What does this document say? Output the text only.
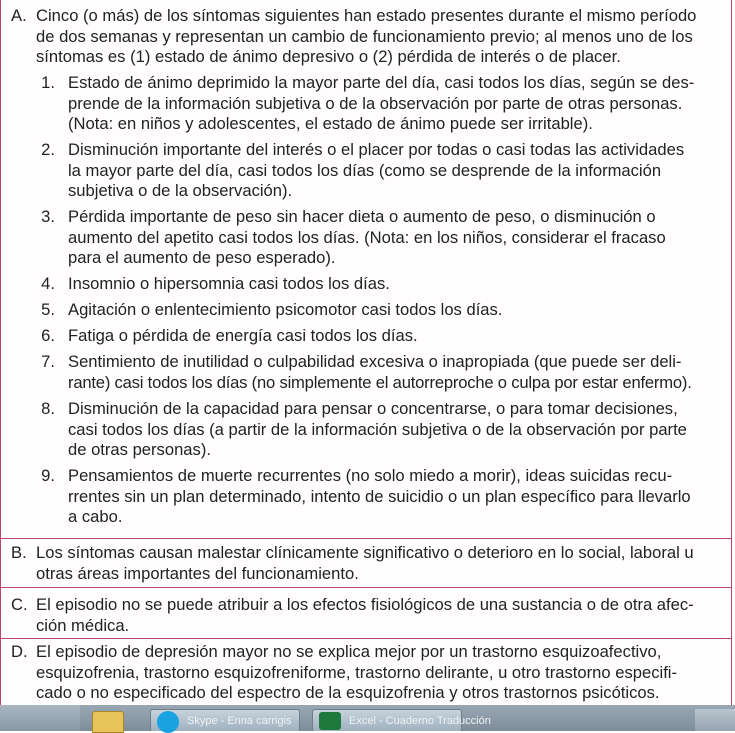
A. Cinco (o más) de los síntomas siguientes han estado presentes durante el mismo período
de dos semanas y representan un cambio de funcionamiento previo; al menos uno de los
síntomas es (1) estado de ánimo depresivo o (2) pérdida de interés o de placer.
1. Estado de ánimo deprimido la mayor parte del día, casi todos los días, según se des-
prende de la información subjetiva o de la observación por parte de otras personas.
(Nota: en niños y adolescentes, el estado de ánimo puede ser irritable).
2. Disminución importante del interés o el placer por todas o casi todas las actividades
la mayor parte del día, casi todos los días (como se desprende de la información
subjetiva o de la observación).
3. Pérdida importante de peso sin hacer dieta o aumento de peso, o disminución o
aumento del apetito casi todos los días. (Nota: en los niños, considerar el fracaso
para el aumento de peso esperado).
4. Insomnio o hipersomnia casi todos los días.
5. Agitación o enlentecimiento psicomotor casi todos los días.
6. Fatiga o pérdida de energía casi todos los días.
7. Sentimiento de inutilidad o culpabilidad excesiva o inapropiada (que puede ser deli-
rante) casi todos los días (no simplemente el autorreproche o culpa por estar enfermo).
8. Disminución de la capacidad para pensar o concentrarse, o para tomar decisiones,
casi todos los días (a partir de la información subjetiva o de la observación por parte
de otras personas).
9. Pensamientos de muerte recurrentes (no solo miedo a morir), ideas suicidas recu-
rrentes sin un plan determinado, intento de suicidio o un plan específico para llevarlo
a cabo.
B. Los síntomas causan malestar clínicamente significativo o deterioro en lo social, laboral u
otras áreas importantes del funcionamiento.
C. El episodio no se puede atribuir a los efectos fisiológicos de una sustancia o de otra afec-
ción médica.
D. El episodio de depresión mayor no se explica mejor por un trastorno esquizoafectivo,
esquizofrenia, trastorno esquizofreniforme, trastorno delirante, u otro trastorno especifi-
cado o no especificado del espectro de la esquizofrenia y otros trastornos psicóticos.
Skype - Enna carrigis	Excel - Cuaderno Traducción
